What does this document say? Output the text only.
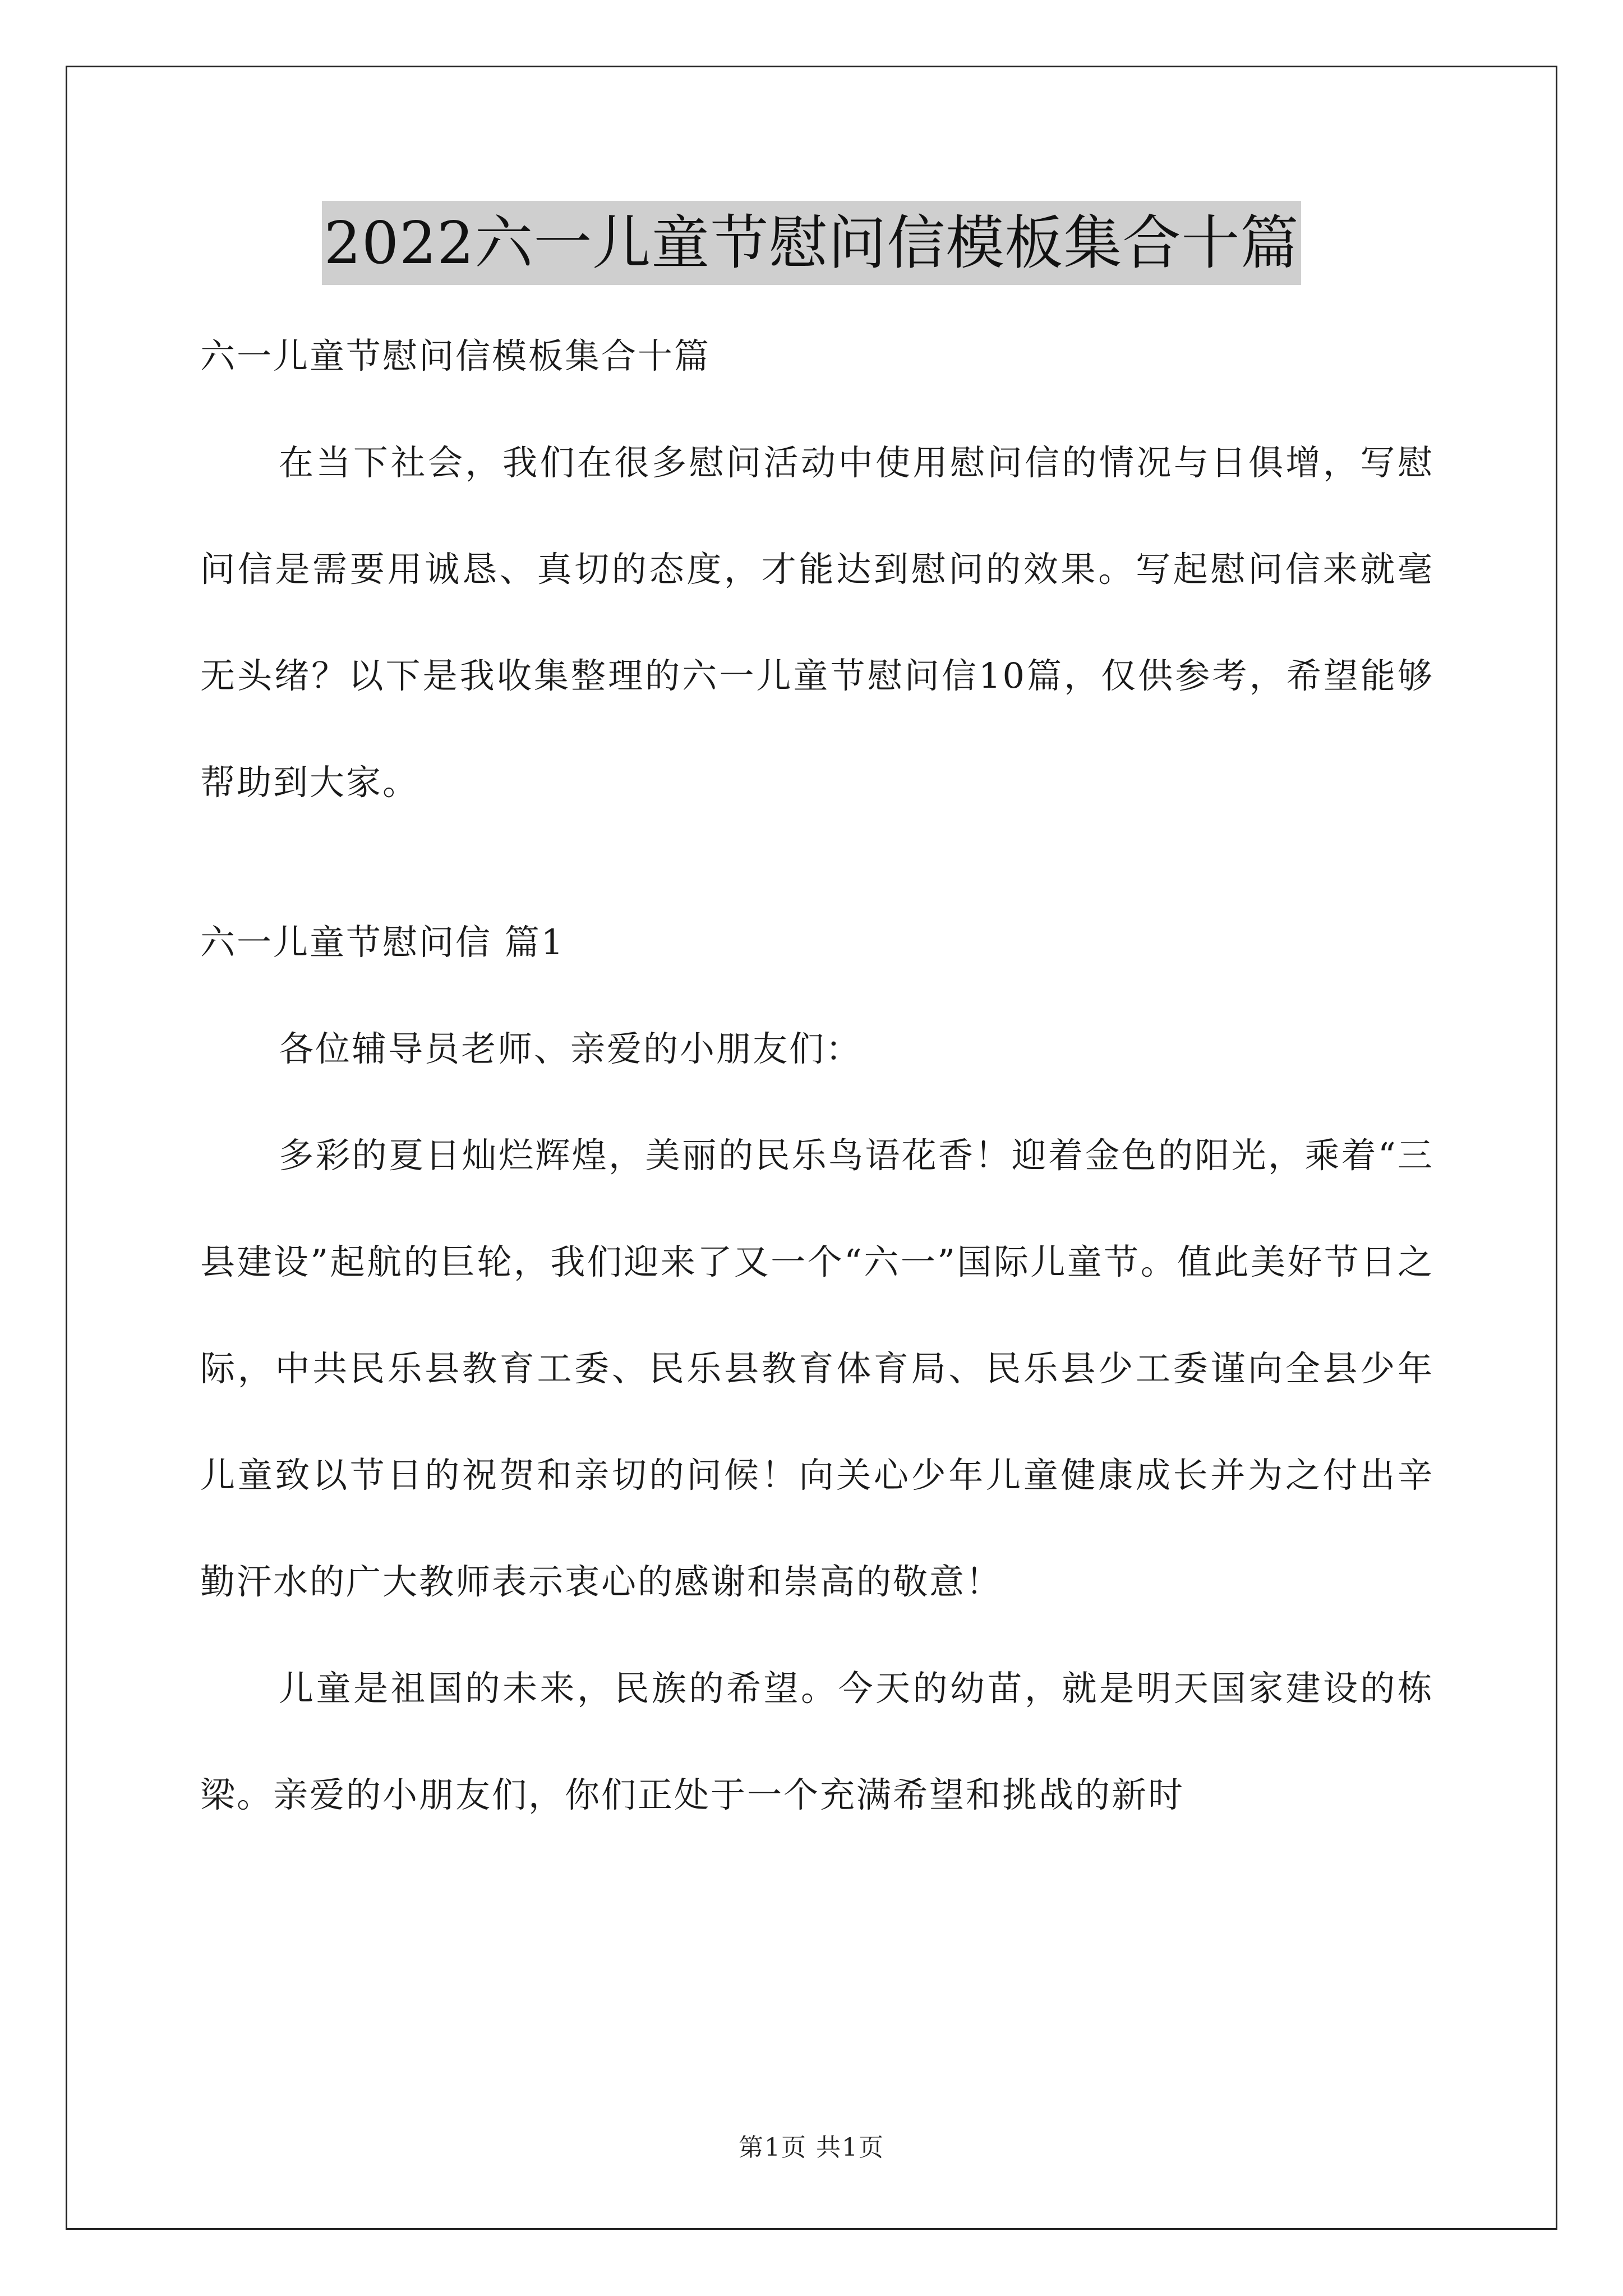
2022六一儿童节慰问信模板集合十篇

六一儿童节慰问信模板集合十篇

在当下社会，我们在很多慰问活动中使用慰问信的情况与日俱增，写慰问信是需要用诚恳、真切的态度，才能达到慰问的效果。写起慰问信来就毫无头绪？以下是我收集整理的六一儿童节慰问信10篇，仅供参考，希望能够帮助到大家。

六一儿童节慰问信 篇1

各位辅导员老师、亲爱的小朋友们：

多彩的夏日灿烂辉煌，美丽的民乐鸟语花香！迎着金色的阳光，乘着“三县建设”起航的巨轮，我们迎来了又一个“六一”国际儿童节。值此美好节日之际，中共民乐县教育工委、民乐县教育体育局、民乐县少工委谨向全县少年儿童致以节日的祝贺和亲切的问候！向关心少年儿童健康成长并为之付出辛勤汗水的广大教师表示衷心的感谢和崇高的敬意！

儿童是祖国的未来，民族的希望。今天的幼苗，就是明天国家建设的栋梁。亲爱的小朋友们，你们正处于一个充满希望和挑战的新时

第1页 共1页
